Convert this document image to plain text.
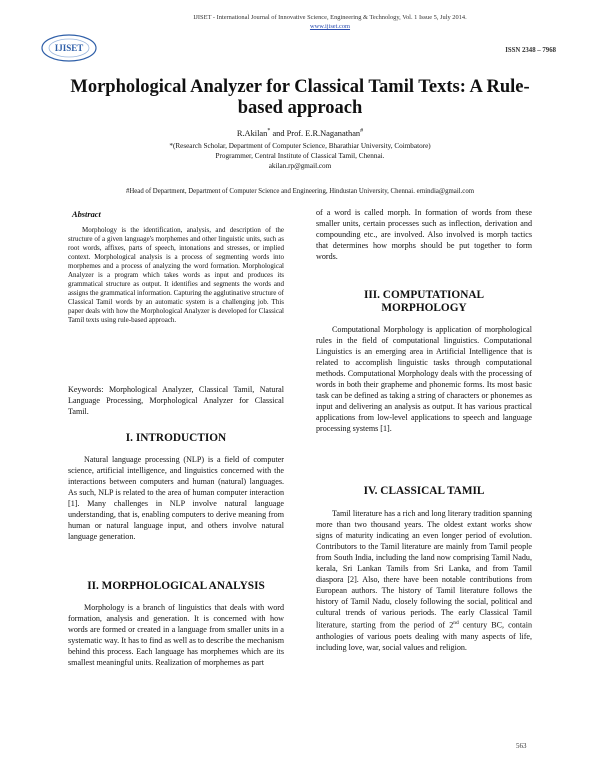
IJISET
IJISET - International Journal of Innovative Science, Engineering & Technology, Vol. 1 Issue 5, July 2014.
www.ijiset.com
ISSN 2348 – 7968
Morphological Analyzer for Classical Tamil Texts: A Rule-
based approach
R.Akilan* and Prof. E.R.Naganathan#
*(Research Scholar, Department of Computer Science, Bharathiar University, Coimbatore)
Programmer, Central Institute of Classical Tamil, Chennai.
akilan.rp@gmail.com
#Head of Department, Department of Computer Science and Engineering, Hindustan University, Chennai. ernindia@gmail.com
Abstract

Morphology is the identification, analysis, and description of the structure of a given language's morphemes and other linguistic units, such as root words, affixes, parts of speech, intonations and stresses, or implied context. Morphological analysis is a process of segmenting words into morphemes and a process of analyzing the word formation. Morphological Analyzer is a program which takes words as input and produces its grammatical structure as output. It identifies and segments the words and assigns the grammatical information. Capturing the agglutinative structure of Classical Tamil words by an automatic system is a challenging job. This paper deals with how the Morphological Analyzer is developed for Classical Tamil texts using rule-based approach.

Keywords: Morphological Analyzer, Classical Tamil, Natural Language Processing, Morphological Analyzer for Classical Tamil.

I. INTRODUCTION

Natural language processing (NLP) is a field of computer science, artificial intelligence, and linguistics concerned with the interactions between computers and human (natural) languages. As such, NLP is related to the area of human computer interaction [1]. Many challenges in NLP involve natural language understanding, that is, enabling computers to derive meaning from human or natural language input, and others involve natural language generation.

II. MORPHOLOGICAL ANALYSIS

Morphology is a branch of linguistics that deals with word formation, analysis and generation. It is concerned with how words are formed or created in a language from smaller units in a systematic way. It has to find as well as to describe the mechanism behind this process. Each language has morphemes which are its smallest meaningful units. Realization of morphemes as part

of a word is called morph. In formation of words from these smaller units, certain processes such as inflection, derivation and compounding etc., are involved. Also involved is morph tactics that determines how morphs should be put together to form words.

III. COMPUTATIONAL
MORPHOLOGY

Computational Morphology is application of morphological rules in the field of computational linguistics. Computational Linguistics is an emerging area in Artificial Intelligence that is related to accomplish linguistic tasks through computational methods. Computational Morphology deals with the processing of words in both their grapheme and phonemic forms. Its most basic task can be defined as taking a string of characters or phonemes as input and delivering an analysis as output. It has various practical applications from low-level applications to speech and language processing systems [1].

IV. CLASSICAL TAMIL

Tamil literature has a rich and long literary tradition spanning more than two thousand years. The oldest extant works show signs of maturity indicating an even longer period of evolution. Contributors to the Tamil literature are mainly from Tamil people from South India, including the land now comprising Tamil Nadu, kerala, Sri Lankan Tamils from Sri Lanka, and from Tamil diaspora [2]. Also, there have been notable contributions from European authors. The history of Tamil literature follows the history of Tamil Nadu, closely following the social, political and cultural trends of various periods. The early Classical Tamil literature, starting from the period of 2nd century BC, contain anthologies of various poets dealing with many aspects of life, including love, war, social values and religion.

563
